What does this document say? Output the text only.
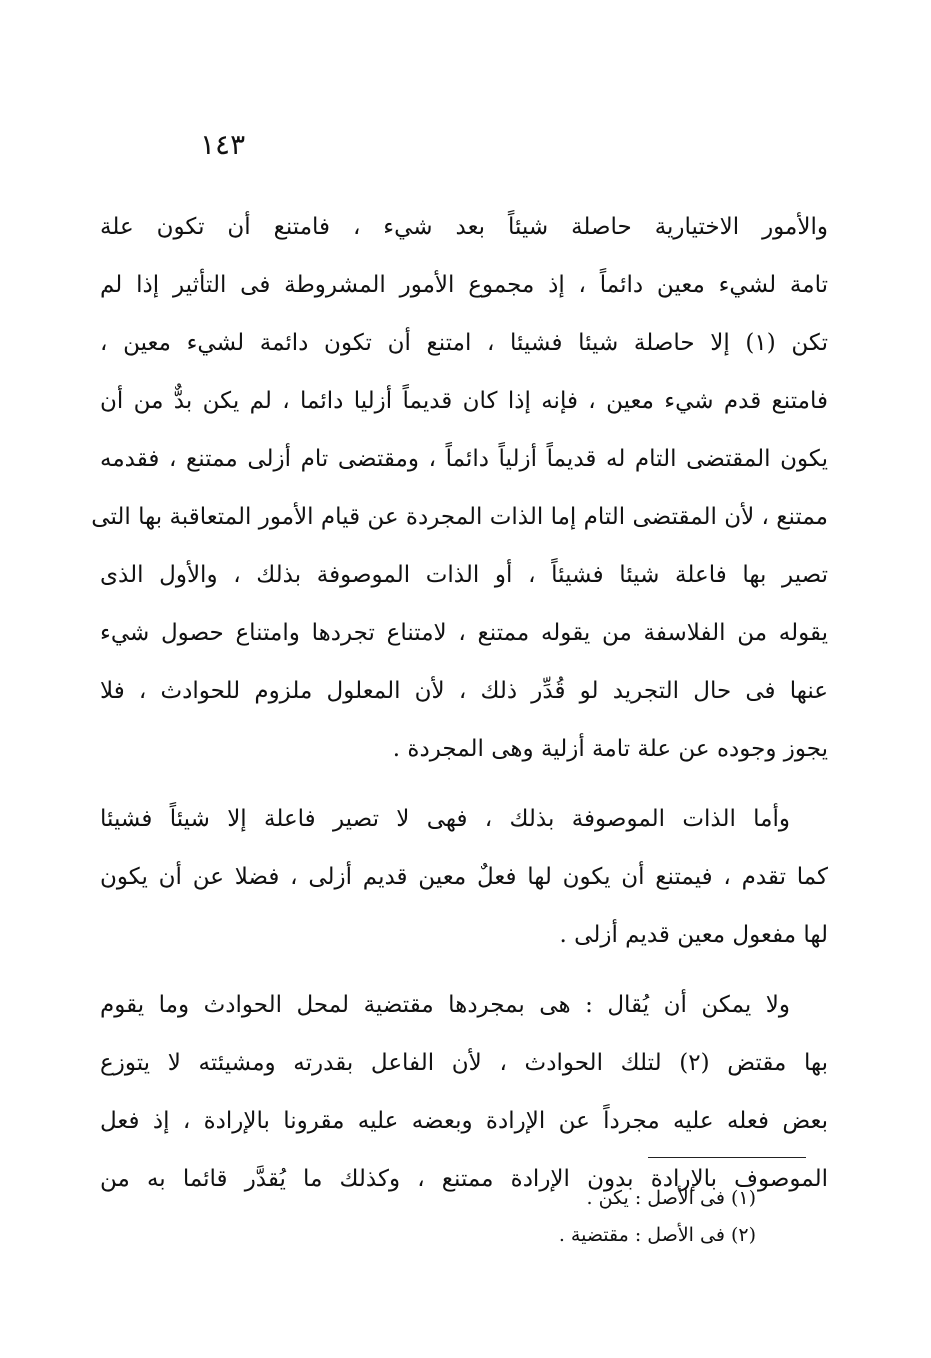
١٤٣

والأمور الاختيارية حاصلة شيئاً بعد شيء ، فامتنع أن تكون علة
تامة لشيء معين دائماً ، إذ مجموع الأمور المشروطة فى التأثير إذا لم
تكن (١) إلا حاصلة شيئا فشيئا ، امتنع أن تكون دائمة لشيء معين ،
فامتنع قدم شيء معين ، فإنه إذا كان قديماً أزليا دائما ، لم يكن بدٌّ من أن
يكون المقتضى التام له قديماً أزلياً دائماً ، ومقتضى تام أزلى ممتنع ، فقدمه
ممتنع ، لأن المقتضى التام إما الذات المجردة عن قيام الأمور المتعاقبة بها التى
تصير بها فاعلة شيئا فشيئاً ، أو الذات الموصوفة بذلك ، والأول الذى
يقوله من الفلاسفة من يقوله ممتنع ، لامتناع تجردها وامتناع حصول شيء
عنها فى حال التجريد لو قُدِّر ذلك ، لأن المعلول ملزوم للحوادث ، فلا
يجوز وجوده عن علة تامة أزلية وهى المجردة .

وأما الذات الموصوفة بذلك ، فهى لا تصير فاعلة إلا شيئاً فشيئا
كما تقدم ، فيمتنع أن يكون لها فعلٌ معين قديم أزلى ، فضلا عن أن يكون
لها مفعول معين قديم أزلى .

ولا يمكن أن يُقال : هى بمجردها مقتضية لمحل الحوادث وما يقوم
بها مقتض (٢) لتلك الحوادث ، لأن الفاعل بقدرته ومشيئته لا يتوزع
بعض فعله عليه مجرداً عن الإرادة وبعضه عليه مقرونا بالإرادة ، إذ فعل
الموصوف بالإرادة بدون الإرادة ممتنع ، وكذلك ما يُقدَّر قائما به من

(١) فى الأصل : يكن .
(٢) فى الأصل : مقتضية .
